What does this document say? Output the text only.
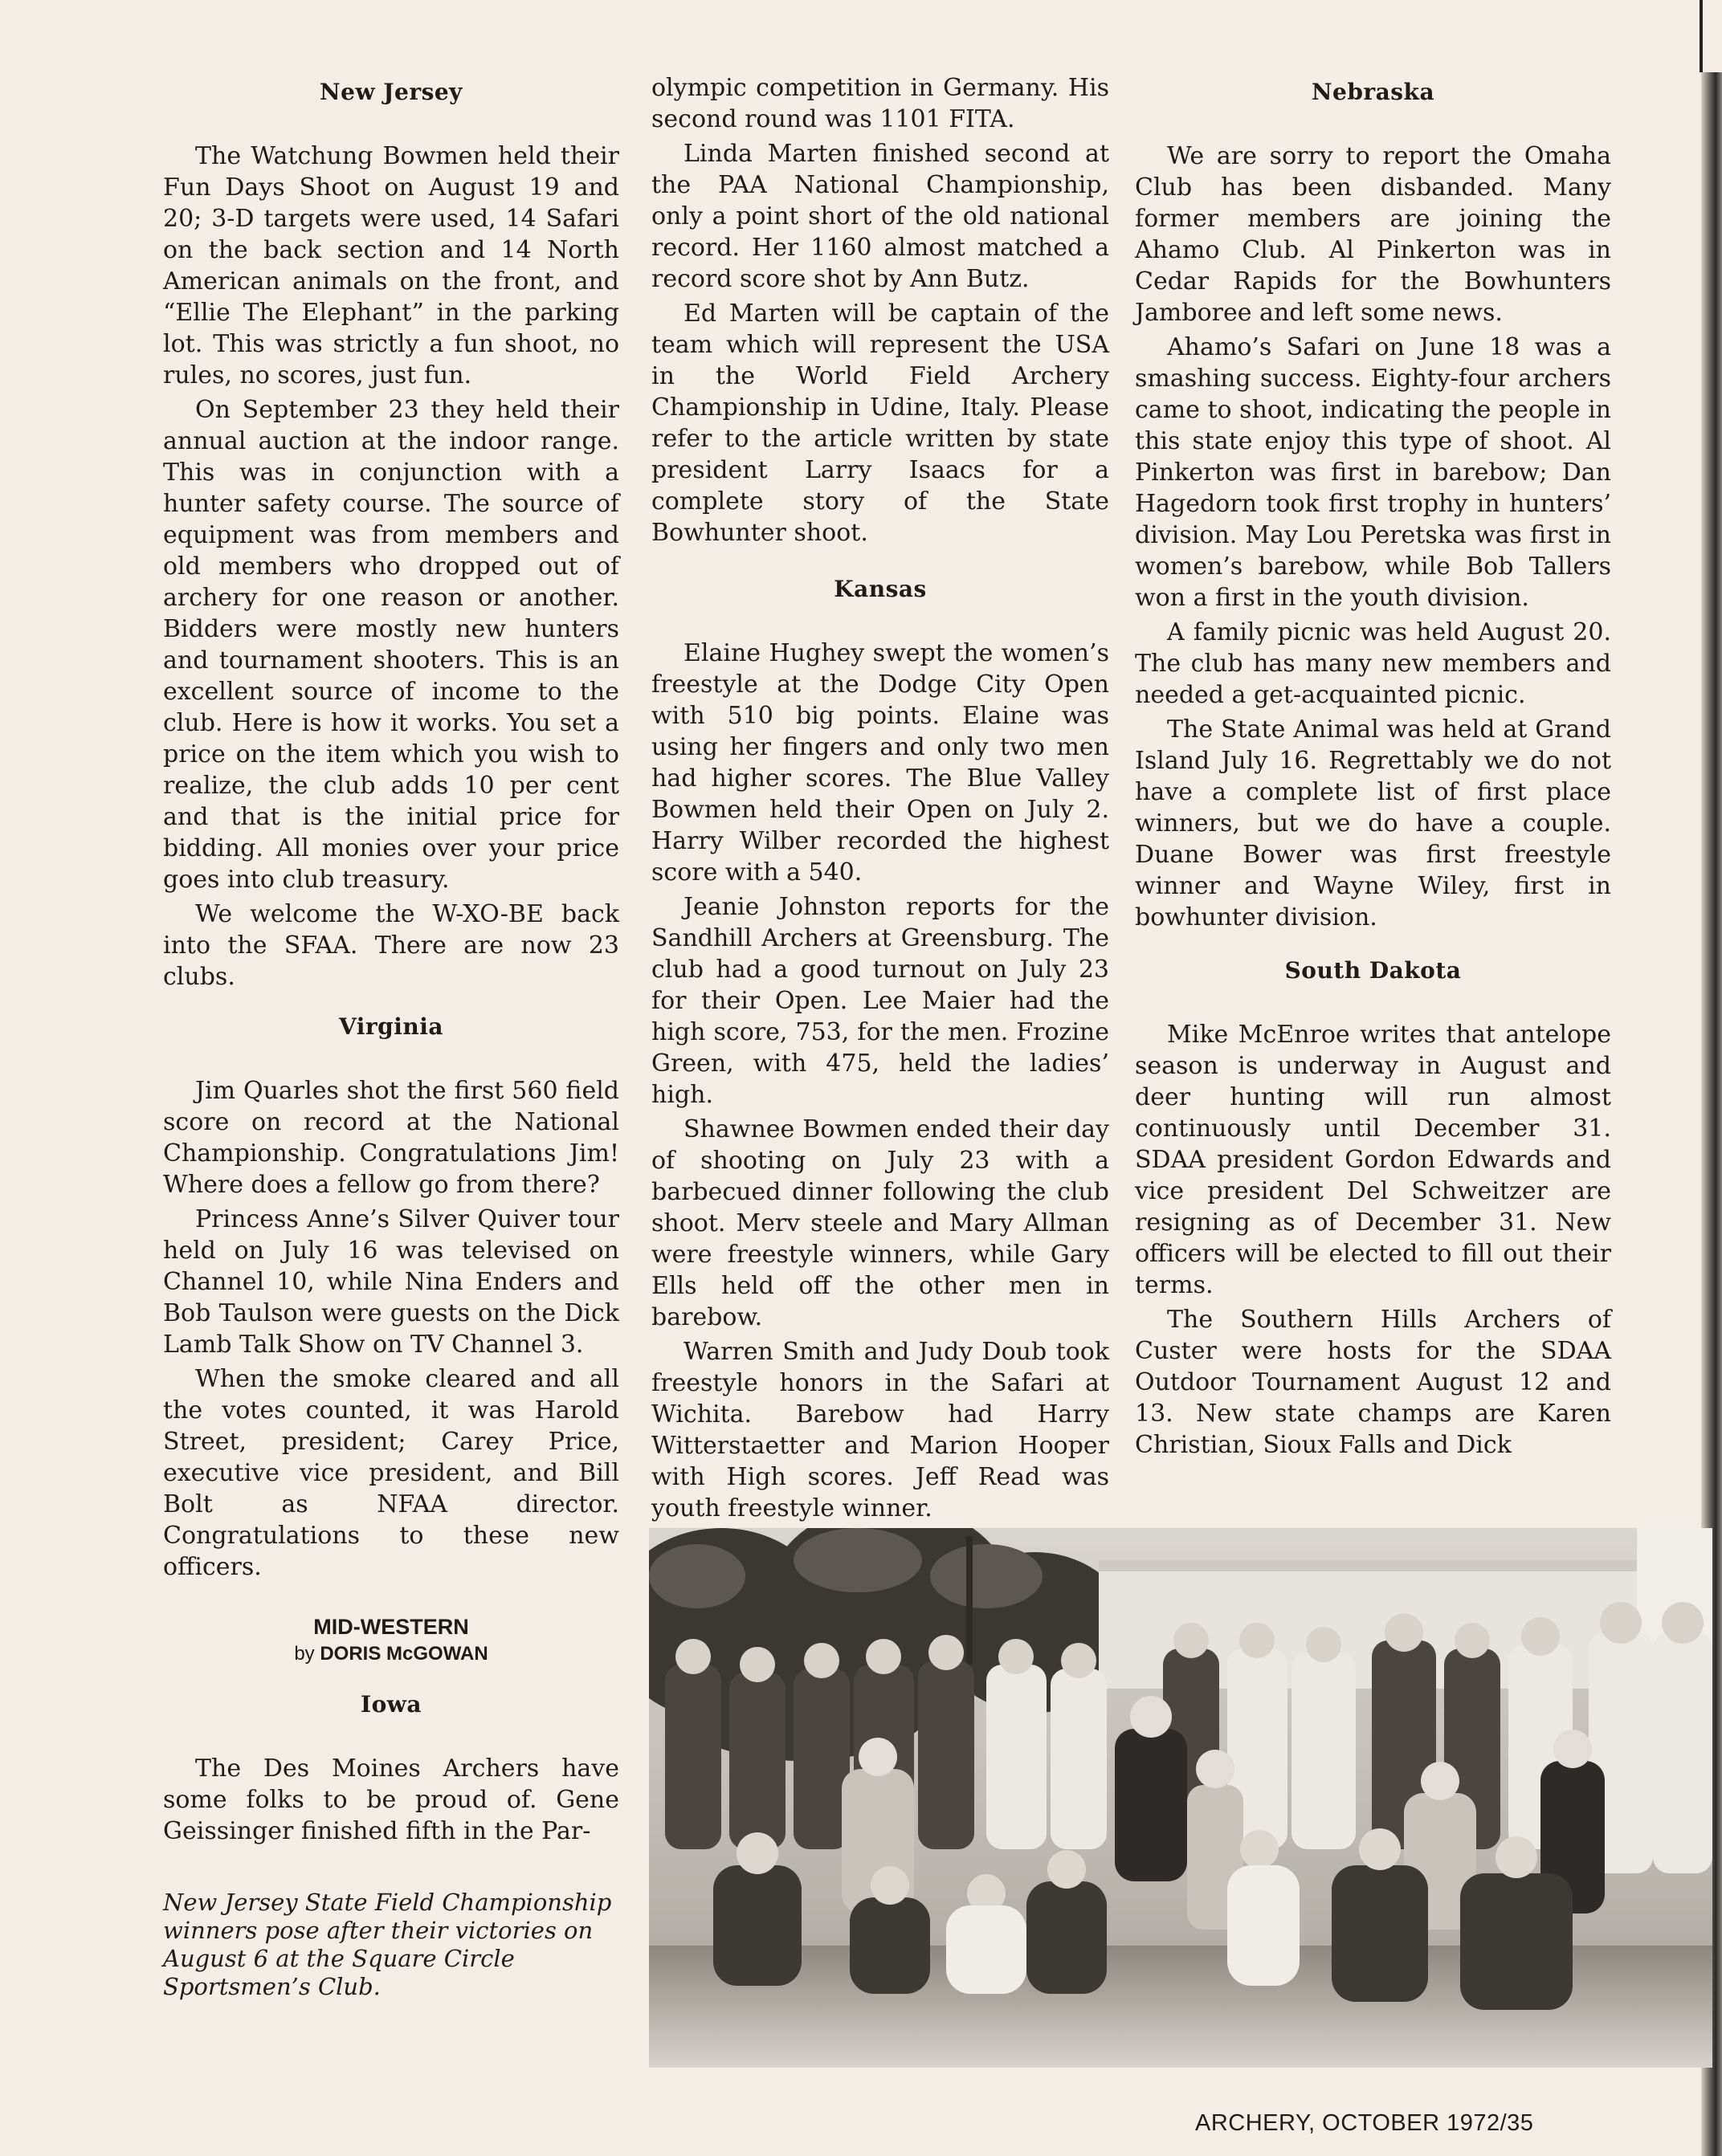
New Jersey

The Watchung Bowmen held their Fun Days Shoot on August 19 and 20; 3-D targets were used, 14 Safari on the back section and 14 North American animals on the front, and “Ellie The Elephant” in the parking lot. This was strictly a fun shoot, no rules, no scores, just fun.

On September 23 they held their annual auction at the indoor range. This was in conjunction with a hunter safety course. The source of equipment was from members and old members who dropped out of archery for one reason or another. Bidders were mostly new hunters and tournament shooters. This is an excellent source of income to the club. Here is how it works. You set a price on the item which you wish to realize, the club adds 10 per cent and that is the initial price for bidding. All monies over your price goes into club treasury.

We welcome the W-XO-BE back into the SFAA. There are now 23 clubs.

Virginia

Jim Quarles shot the first 560 field score on record at the National Championship. Congratulations Jim! Where does a fellow go from there?

Princess Anne’s Silver Quiver tour held on July 16 was televised on Channel 10, while Nina Enders and Bob Taulson were guests on the Dick Lamb Talk Show on TV Channel 3.

When the smoke cleared and all the votes counted, it was Harold Street, president; Carey Price, executive vice president, and Bill Bolt as NFAA director. Congratulations to these new officers.

MID-WESTERN
by DORIS McGOWAN
Iowa

The Des Moines Archers have some folks to be proud of. Gene Geissinger finished fifth in the Par-

New Jersey State Field Championship winners pose after their victories on August 6 at the Square Circle Sportsmen’s Club.

olympic competition in Germany. His second round was 1101 FITA.

Linda Marten finished second at the PAA National Championship, only a point short of the old national record. Her 1160 almost matched a record score shot by Ann Butz.

Ed Marten will be captain of the team which will represent the USA in the World Field Archery Championship in Udine, Italy. Please refer to the article written by state president Larry Isaacs for a complete story of the State Bowhunter shoot.

Kansas

Elaine Hughey swept the women’s freestyle at the Dodge City Open with 510 big points. Elaine was using her fingers and only two men had higher scores. The Blue Valley Bowmen held their Open on July 2. Harry Wilber recorded the highest score with a 540.

Jeanie Johnston reports for the Sandhill Archers at Greensburg. The club had a good turnout on July 23 for their Open. Lee Maier had the high score, 753, for the men. Frozine Green, with 475, held the ladies’ high.

Shawnee Bowmen ended their day of shooting on July 23 with a barbecued dinner following the club shoot. Merv steele and Mary Allman were freestyle winners, while Gary Ells held off the other men in barebow.

Warren Smith and Judy Doub took freestyle honors in the Safari at Wichita. Barebow had Harry Witterstaetter and Marion Hooper with High scores. Jeff Read was youth freestyle winner.

Nebraska

We are sorry to report the Omaha Club has been disbanded. Many former members are joining the Ahamo Club. Al Pinkerton was in Cedar Rapids for the Bowhunters Jamboree and left some news.

Ahamo’s Safari on June 18 was a smashing success. Eighty-four archers came to shoot, indicating the people in this state enjoy this type of shoot. Al Pinkerton was first in barebow; Dan Hagedorn took first trophy in hunters’ division. May Lou Peretska was first in women’s barebow, while Bob Tallers won a first in the youth division.

A family picnic was held August 20. The club has many new members and needed a get-acquainted picnic.

The State Animal was held at Grand Island July 16. Regrettably we do not have a complete list of first place winners, but we do have a couple. Duane Bower was first freestyle winner and Wayne Wiley, first in bowhunter division.

South Dakota

Mike McEnroe writes that antelope season is underway in August and deer hunting will run almost continuously until December 31. SDAA president Gordon Edwards and vice president Del Schweitzer are resigning as of December 31. New officers will be elected to fill out their terms.

The Southern Hills Archers of Custer were hosts for the SDAA Outdoor Tournament August 12 and 13. New state champs are Karen Christian, Sioux Falls and Dick

ARCHERY, OCTOBER 1972/35
